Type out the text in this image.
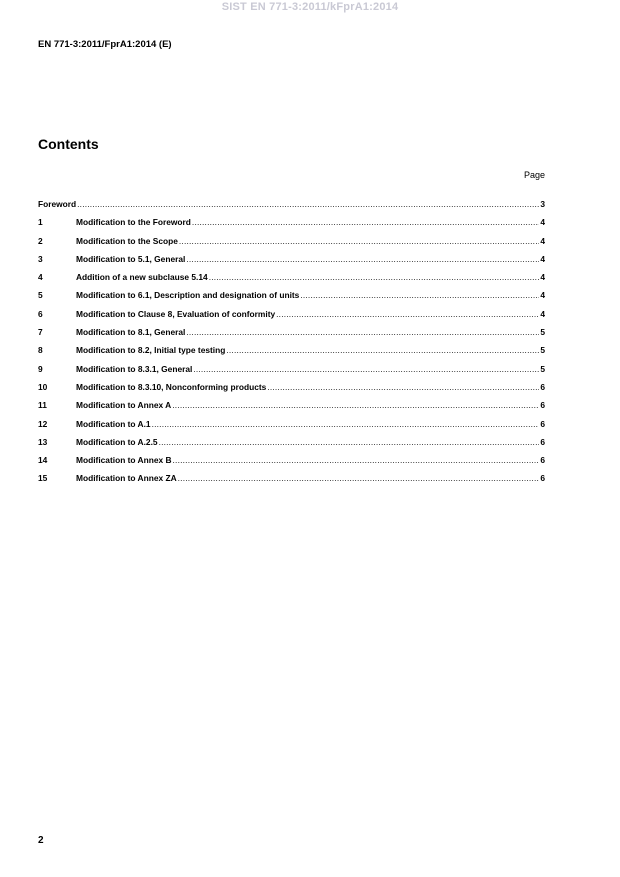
SIST EN 771-3:2011/kFprA1:2014
EN 771-3:2011/FprA1:2014 (E)
Contents
Page
Foreword .....	3
1	Modification to the Foreword .....	4
2	Modification to the Scope .....	4
3	Modification to 5.1, General .....	4
4	Addition of a new subclause 5.14 .....	4
5	Modification to 6.1, Description and designation of units .....	4
6	Modification to Clause 8, Evaluation of conformity .....	4
7	Modification to 8.1, General .....	5
8	Modification to 8.2, Initial type testing .....	5
9	Modification to 8.3.1, General .....	5
10	Modification to 8.3.10, Nonconforming products .....	6
11	Modification to Annex A .....	6
12	Modification to A.1 .....	6
13	Modification to A.2.5 .....	6
14	Modification to Annex B .....	6
15	Modification to Annex ZA .....	6
2
